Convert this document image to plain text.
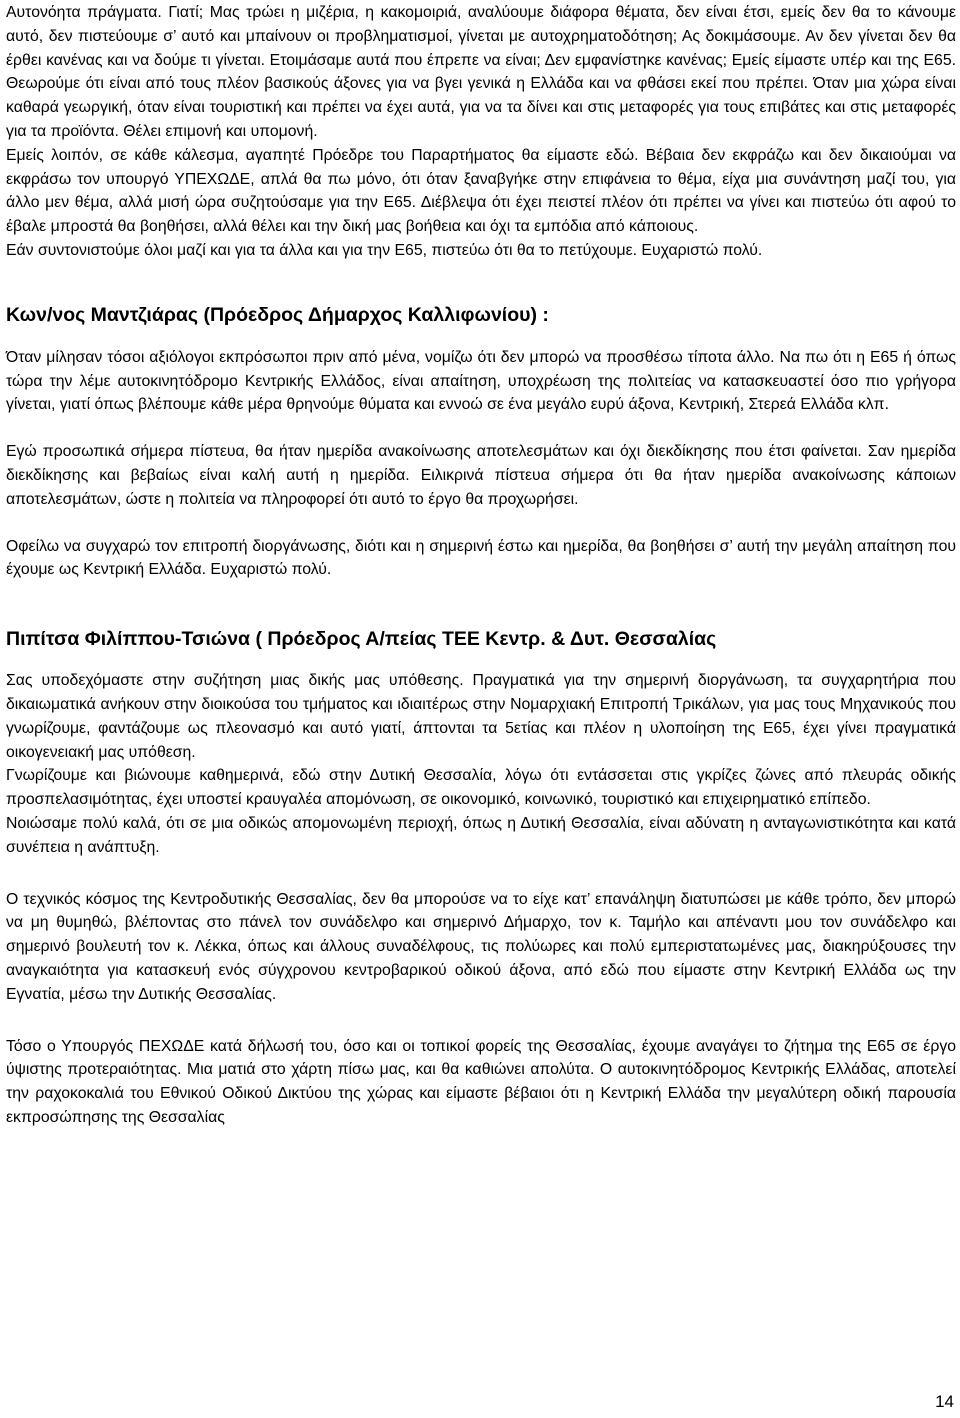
Αυτονόητα πράγματα. Γιατί; Μας τρώει η μιζέρια, η κακομοιριά, αναλύουμε διάφορα θέματα, δεν είναι έτσι, εμείς δεν θα το κάνουμε αυτό, δεν πιστεύουμε σ’ αυτό και μπαίνουν οι προβληματισμοί, γίνεται με αυτοχρηματοδότηση; Ας δοκιμάσουμε. Αν δεν γίνεται δεν θα έρθει κανένας και να δούμε τι γίνεται. Ετοιμάσαμε αυτά που έπρεπε να είναι; Δεν εμφανίστηκε κανένας; Εμείς είμαστε υπέρ και της Ε65. Θεωρούμε ότι είναι από τους πλέον βασικούς άξονες για να βγει γενικά η Ελλάδα και να φθάσει εκεί που πρέπει. Όταν μια χώρα είναι καθαρά γεωργική, όταν είναι τουριστική και πρέπει να έχει αυτά, για να τα δίνει και στις μεταφορές για τους επιβάτες και στις μεταφορές για τα προϊόντα. Θέλει επιμονή και υπομονή.

Εμείς λοιπόν, σε κάθε κάλεσμα, αγαπητέ Πρόεδρε του Παραρτήματος θα είμαστε εδώ. Βέβαια δεν εκφράζω και δεν δικαιούμαι να εκφράσω τον υπουργό ΥΠΕΧΩΔΕ, απλά θα πω μόνο, ότι όταν ξαναβγήκε στην επιφάνεια το θέμα, είχα μια συνάντηση μαζί του, για άλλο μεν θέμα, αλλά μισή ώρα συζητούσαμε για την Ε65. Διέβλεψα ότι έχει πειστεί πλέον ότι πρέπει να γίνει και πιστεύω ότι αφού το έβαλε μπροστά θα βοηθήσει, αλλά θέλει και την δική μας βοήθεια και όχι τα εμπόδια από κάποιους.

Εάν συντονιστούμε όλοι μαζί και για τα άλλα και για την Ε65, πιστεύω ότι θα το πετύχουμε. Ευχαριστώ πολύ.

Κων/νος Μαντζιάρας (Πρόεδρος Δήμαρχος Καλλιφωνίου) :

Όταν μίλησαν τόσοι αξιόλογοι εκπρόσωποι πριν από μένα, νομίζω ότι δεν μπορώ να προσθέσω τίποτα άλλο. Να πω ότι η Ε65 ή όπως τώρα την λέμε αυτοκινητόδρομο Κεντρικής Ελλάδος, είναι απαίτηση, υποχρέωση της πολιτείας να κατασκευαστεί όσο πιο γρήγορα γίνεται, γιατί όπως βλέπουμε κάθε μέρα θρηνούμε θύματα και εννοώ σε ένα μεγάλο ευρύ άξονα, Κεντρική, Στερεά Ελλάδα κλπ.

Εγώ προσωπικά σήμερα πίστευα, θα ήταν ημερίδα ανακοίνωσης αποτελεσμάτων και όχι διεκδίκησης που έτσι φαίνεται. Σαν ημερίδα διεκδίκησης και βεβαίως είναι καλή αυτή η ημερίδα. Ειλικρινά πίστευα σήμερα ότι θα ήταν ημερίδα ανακοίνωσης κάποιων αποτελεσμάτων, ώστε η πολιτεία να πληροφορεί ότι αυτό το έργο θα προχωρήσει.

Οφείλω να συγχαρώ τον επιτροπή διοργάνωσης, διότι και η σημερινή έστω και ημερίδα, θα βοηθήσει σ’ αυτή την μεγάλη απαίτηση που έχουμε ως Κεντρική Ελλάδα. Ευχαριστώ πολύ.

Πιπίτσα Φιλίππου-Τσιώνα ( Πρόεδρος Α/πείας ΤΕΕ Κεντρ. & Δυτ. Θεσσαλίας

Σας υποδεχόμαστε στην συζήτηση μιας δικής μας υπόθεσης. Πραγματικά για την σημερινή διοργάνωση, τα συγχαρητήρια που δικαιωματικά ανήκουν στην διοικούσα του τμήματος και ιδιαιτέρως στην Νομαρχιακή Επιτροπή Τρικάλων, για μας τους Μηχανικούς που γνωρίζουμε, φαντάζουμε ως πλεονασμό και αυτό γιατί, άπτονται τα 5ετίας και πλέον η υλοποίηση της Ε65, έχει γίνει πραγματικά οικογενειακή μας υπόθεση.

Γνωρίζουμε και βιώνουμε καθημερινά, εδώ στην Δυτική Θεσσαλία, λόγω ότι εντάσσεται στις γκρίζες ζώνες από πλευράς οδικής προσπελασιμότητας, έχει υποστεί κραυγαλέα απομόνωση, σε οικονομικό, κοινωνικό, τουριστικό και επιχειρηματικό επίπεδο.

Νοιώσαμε πολύ καλά, ότι σε μια οδικώς απομονωμένη περιοχή, όπως η Δυτική Θεσσαλία, είναι αδύνατη η ανταγωνιστικότητα και κατά συνέπεια η ανάπτυξη.

Ο τεχνικός κόσμος της Κεντροδυτικής Θεσσαλίας, δεν θα μπορούσε να το είχε κατ’ επανάληψη διατυπώσει με κάθε τρόπο, δεν μπορώ να μη θυμηθώ, βλέποντας στο πάνελ τον συνάδελφο και σημερινό Δήμαρχο, τον κ. Ταμήλο και απέναντι μου τον συνάδελφο και σημερινό βουλευτή τον κ. Λέκκα, όπως και άλλους συναδέλφους, τις πολύωρες και πολύ εμπεριστατωμένες μας, διακηρύξουσες την αναγκαιότητα για κατασκευή ενός σύγχρονου κεντροβαρικού οδικού άξονα, από εδώ που είμαστε στην Κεντρική Ελλάδα ως την Εγνατία, μέσω την Δυτικής Θεσσαλίας.

Τόσο ο Υπουργός ΠΕΧΩΔΕ κατά δήλωσή του, όσο και οι τοπικοί φορείς της Θεσσαλίας, έχουμε αναγάγει το ζήτημα της Ε65 σε έργο ύψιστης προτεραιότητας. Μια ματιά στο χάρτη πίσω μας, και θα καθιώνει απολύτα. Ο αυτοκινητόδρομος Κεντρικής Ελλάδας, αποτελεί την ραχοκοκαλιά του Εθνικού Οδικού Δικτύου της χώρας και είμαστε βέβαιοι ότι η Κεντρική Ελλάδα την μεγαλύτερη οδική παρουσία εκπροσώπησης της Θεσσαλίας

14
